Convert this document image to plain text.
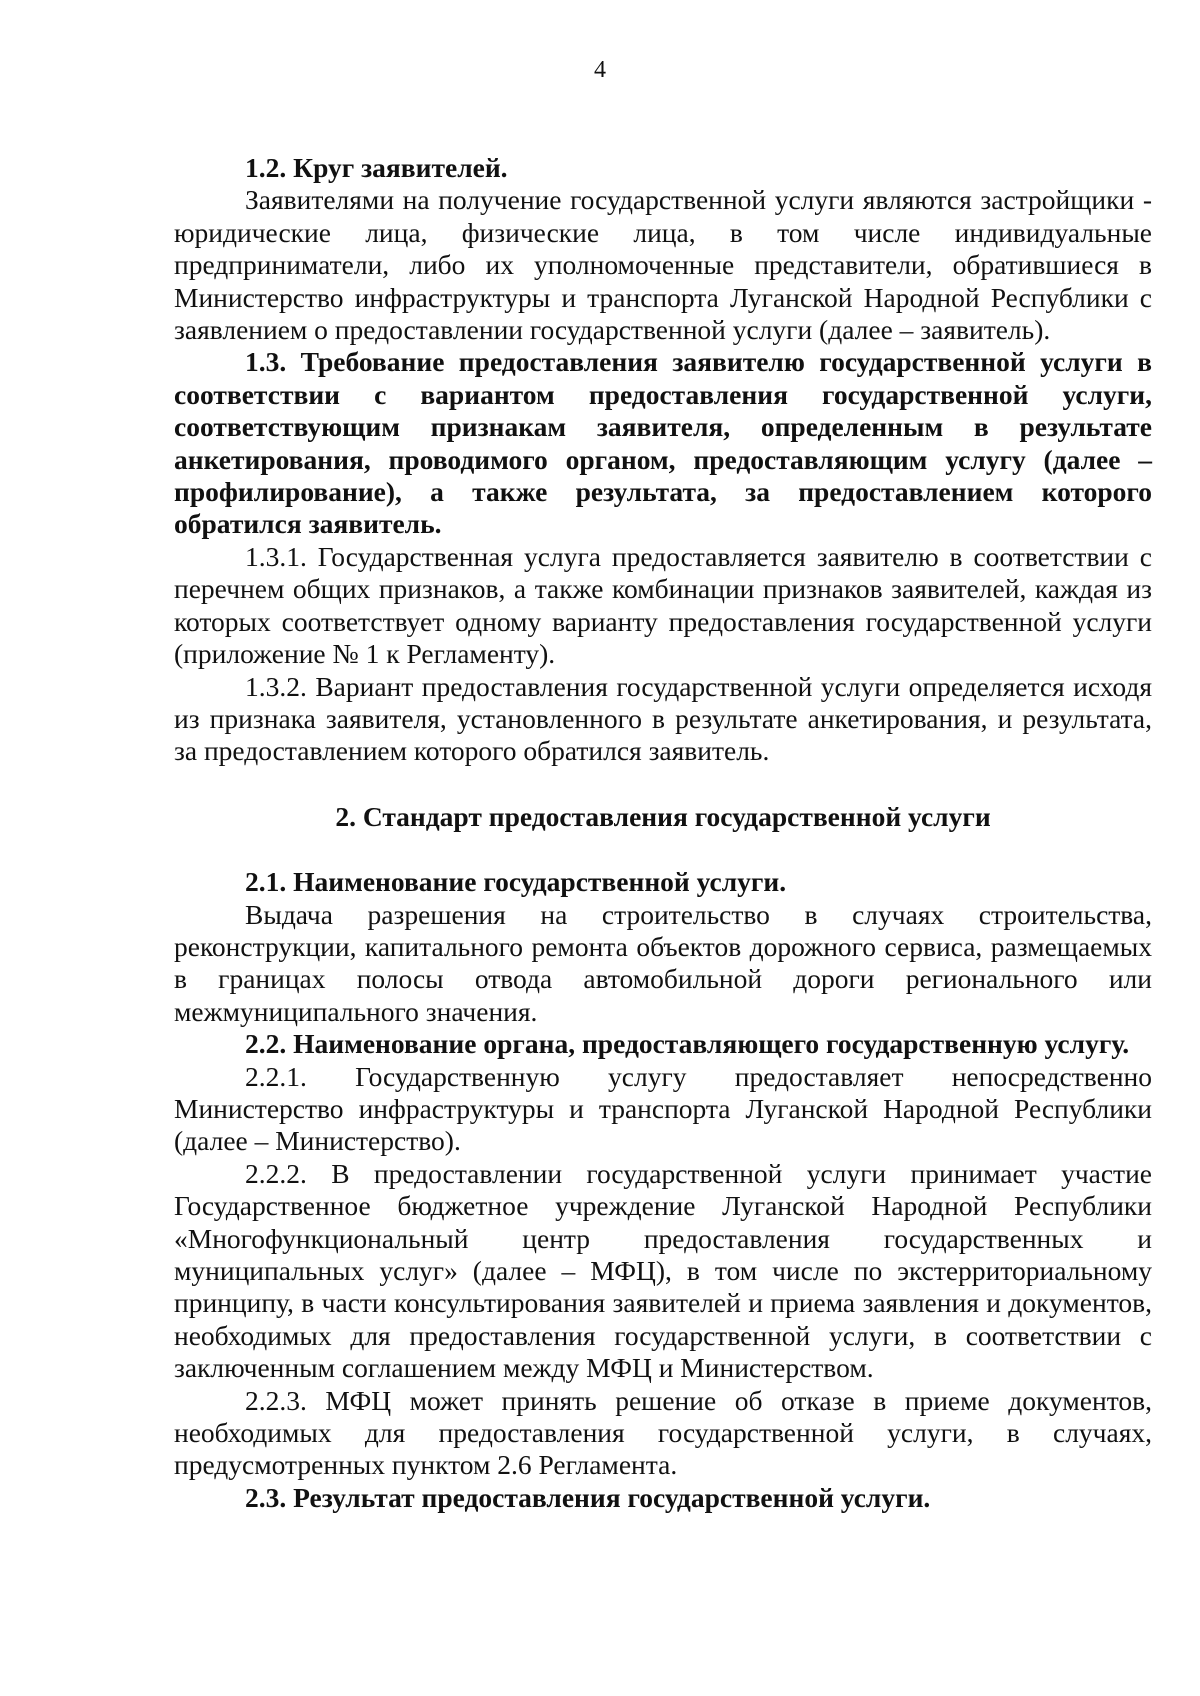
4

1.2. Круг заявителей.

Заявителями на получение государственной услуги являются застройщики - юридические лица, физические лица, в том числе индивидуальные предприниматели, либо их уполномоченные представители, обратившиеся в Министерство инфраструктуры и транспорта Луганской Народной Республики с заявлением о предоставлении государственной услуги (далее – заявитель).

1.3. Требование предоставления заявителю государственной услуги в соответствии с вариантом предоставления государственной услуги, соответствующим признакам заявителя, определенным в результате анкетирования, проводимого органом, предоставляющим услугу (далее – профилирование), а также результата, за предоставлением которого обратился заявитель.

1.3.1. Государственная услуга предоставляется заявителю в соответствии с перечнем общих признаков, а также комбинации признаков заявителей, каждая из которых соответствует одному варианту предоставления государственной услуги (приложение № 1 к Регламенту).

1.3.2. Вариант предоставления государственной услуги определяется исходя из признака заявителя, установленного в результате анкетирования, и результата, за предоставлением которого обратился заявитель.

2. Стандарт предоставления государственной услуги

2.1. Наименование государственной услуги.

Выдача разрешения на строительство в случаях строительства, реконструкции, капитального ремонта объектов дорожного сервиса, размещаемых в границах полосы отвода автомобильной дороги регионального или межмуниципального значения.

2.2. Наименование органа, предоставляющего государственную услугу.

2.2.1. Государственную услугу предоставляет непосредственно Министерство инфраструктуры и транспорта Луганской Народной Республики (далее – Министерство).

2.2.2. В предоставлении государственной услуги принимает участие Государственное бюджетное учреждение Луганской Народной Республики «Многофункциональный центр предоставления государственных и муниципальных услуг» (далее – МФЦ), в том числе по экстерриториальному принципу, в части консультирования заявителей и приема заявления и документов, необходимых для предоставления государственной услуги, в соответствии с заключенным соглашением между МФЦ и Министерством.

2.2.3. МФЦ может принять решение об отказе в приеме документов, необходимых для предоставления государственной услуги, в случаях, предусмотренных пунктом 2.6 Регламента.

2.3. Результат предоставления государственной услуги.
